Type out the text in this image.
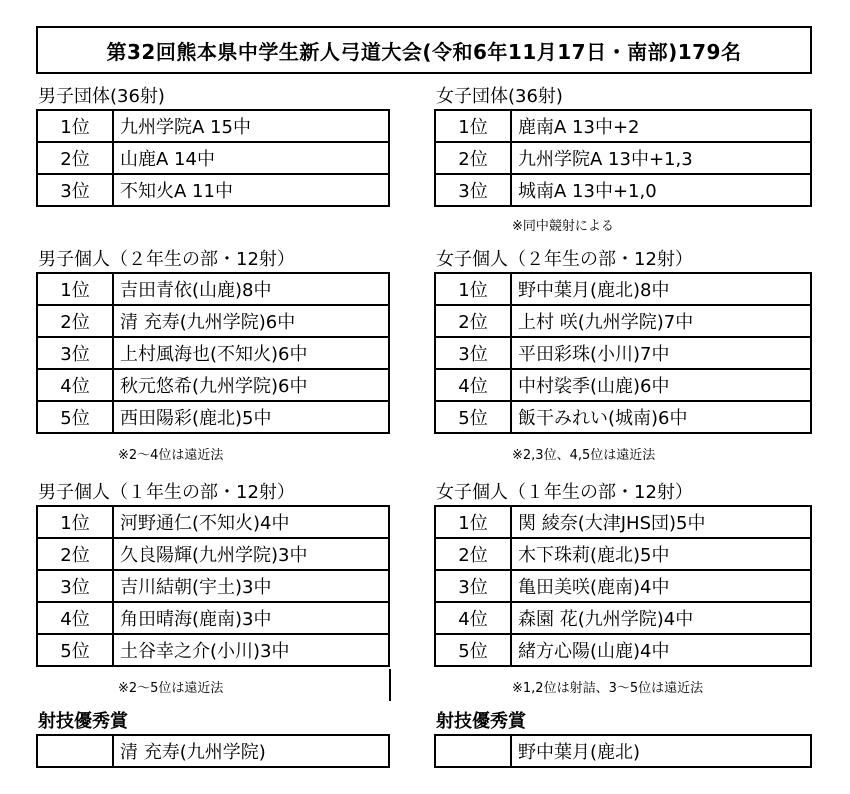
第32回熊本県中学生新人弓道大会(令和6年11月17日・南部)179名
男子団体(36射)
1位	九州学院A 15中
2位	山鹿A 14中
3位	不知火A 11中
女子団体(36射)
1位	鹿南A 13中+2
2位	九州学院A 13中+1,3
3位	城南A 13中+1,0
※同中競射による
男子個人（２年生の部・12射）
1位	吉田青依(山鹿)8中
2位	清 充寿(九州学院)6中
3位	上村風海也(不知火)6中
4位	秋元悠希(九州学院)6中
5位	西田陽彩(鹿北)5中
※2～4位は遠近法
女子個人（２年生の部・12射）
1位	野中葉月(鹿北)8中
2位	上村 咲(九州学院)7中
3位	平田彩珠(小川)7中
4位	中村裟季(山鹿)6中
5位	飯干みれい(城南)6中
※2,3位、4,5位は遠近法
男子個人（１年生の部・12射）
1位	河野通仁(不知火)4中
2位	久良陽輝(九州学院)3中
3位	吉川結朝(宇土)3中
4位	角田晴海(鹿南)3中
5位	土谷幸之介(小川)3中
※2～5位は遠近法
女子個人（１年生の部・12射）
1位	関 綾奈(大津JHS団)5中
2位	木下珠莉(鹿北)5中
3位	亀田美咲(鹿南)4中
4位	森園 花(九州学院)4中
5位	緒方心陽(山鹿)4中
※1,2位は射詰、3～5位は遠近法
射技優秀賞
	清 充寿(九州学院)
射技優秀賞
	野中葉月(鹿北)
